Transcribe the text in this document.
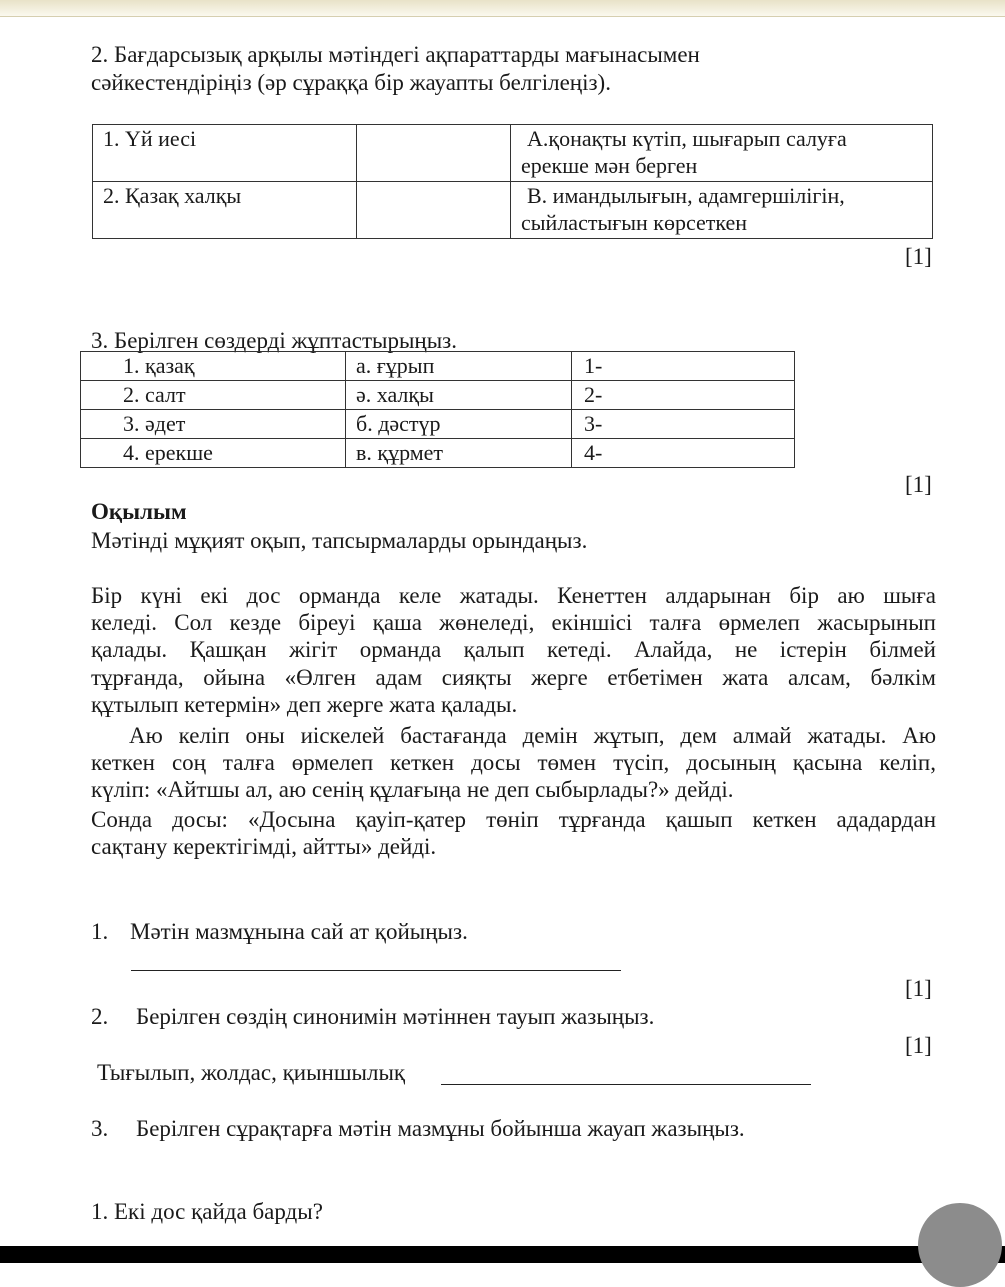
2. Бағдарсызық арқылы мәтіндегі ақпараттарды мағынасымен
сәйкестендіріңіз (әр сұраққа бір жауапты белгілеңіз).
1. Үй иесі		А.қонақты күтіп, шығарып салуға
ерекше мән берген

2. Қазақ халқы		В. имандылығын, адамгершілігін,
сыйластығын көрсеткен
[1]
3. Берілген сөздерді жұптастырыңыз.
1. қазақ	а. ғұрып	1-
2. салт	ә. халқы	2-
3. әдет	б. дәстүр	3-
4. ерекше	в. құрмет	4-
[1]
Оқылым
Мәтінді мұқият оқып, тапсырмаларды орындаңыз.
Бір күні екі дос орманда келе жатады. Кенеттен алдарынан бір аю шыға
келеді. Сол кезде біреуі қаша жөнеледі, екіншісі талға өрмелеп жасырынып
қалады. Қашқан жігіт орманда қалып кетеді. Алайда, не істерін білмей
тұрғанда, ойына «Өлген адам сияқты жерге етбетімен жата алсам, бәлкім
құтылып кетермін» деп жерге жата қалады.
Аю келіп оны иіскелей бастағанда демін жұтып, дем алмай жатады. Аю
кеткен соң талға өрмелеп кеткен досы төмен түсіп, досының қасына келіп,
күліп: «Айтшы ал, аю сенің құлағыңа не деп сыбырлады?» дейді.
Сонда досы: «Досына қауіп-қатер төніп тұрғанда қашып кеткен ададардан
сақтану керектігімді, айтты» дейді.
1. Мәтін мазмұнына сай ат қойыңыз.
[1]
2. Берілген сөздің синонимін мәтіннен тауып жазыңыз.
[1]
Тығылып, жолдас, қиыншылық
3. Берілген сұрақтарға мәтін мазмұны бойынша жауап жазыңыз.
1. Екі дос қайда барды?
